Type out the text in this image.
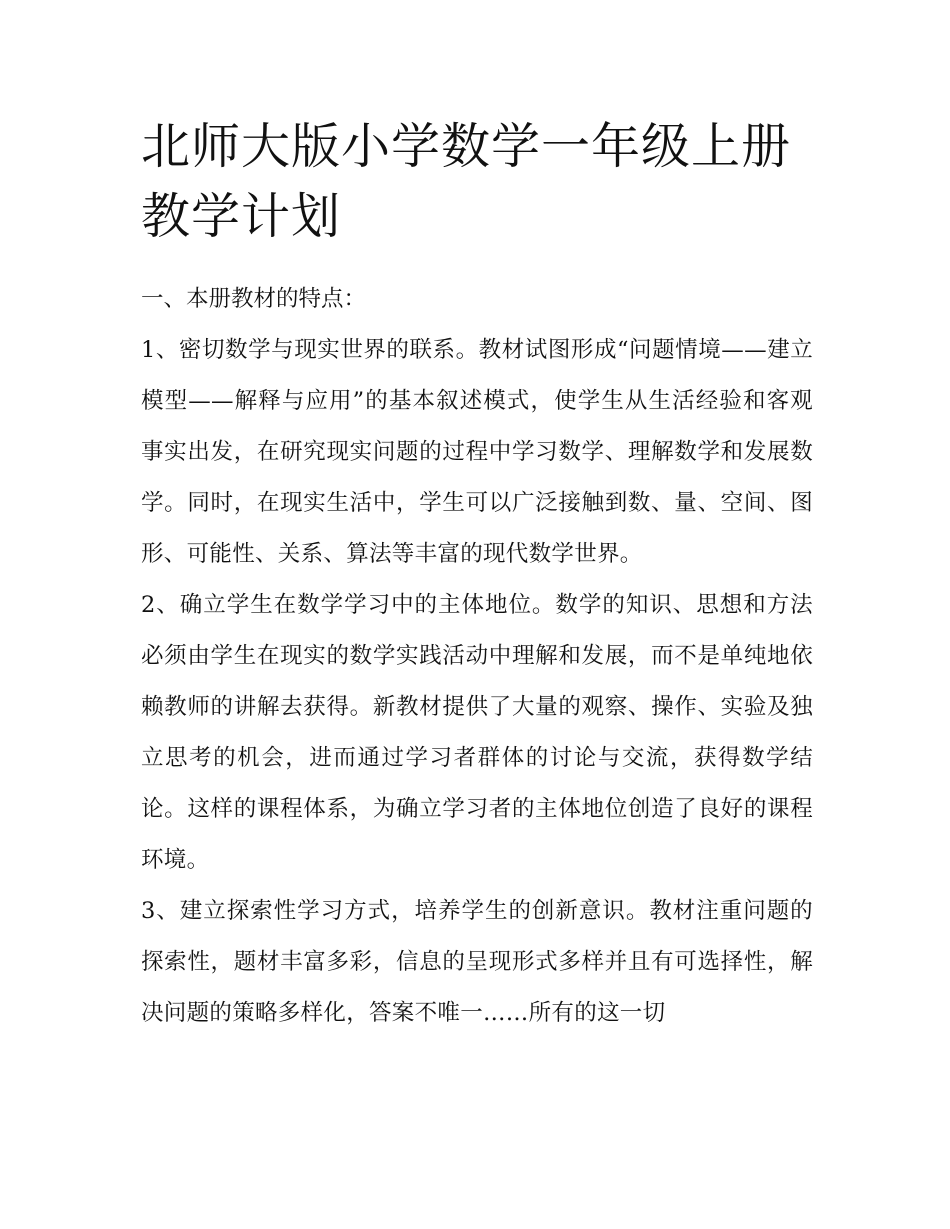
北师大版小学数学一年级上册教学计划

一、本册教材的特点：

1、密切数学与现实世界的联系。教材试图形成“问题情境——建立模型——解释与应用”的基本叙述模式，使学生从生活经验和客观事实出发，在研究现实问题的过程中学习数学、理解数学和发展数学。同时，在现实生活中，学生可以广泛接触到数、量、空间、图形、可能性、关系、算法等丰富的现代数学世界。

2、确立学生在数学学习中的主体地位。数学的知识、思想和方法必须由学生在现实的数学实践活动中理解和发展，而不是单纯地依赖教师的讲解去获得。新教材提供了大量的观察、操作、实验及独立思考的机会，进而通过学习者群体的讨论与交流，获得数学结论。这样的课程体系，为确立学习者的主体地位创造了良好的课程环境。

3、建立探索性学习方式，培养学生的创新意识。教材注重问题的探索性，题材丰富多彩，信息的呈现形式多样并且有可选择性，解决问题的策略多样化，答案不唯一……所有的这一切
